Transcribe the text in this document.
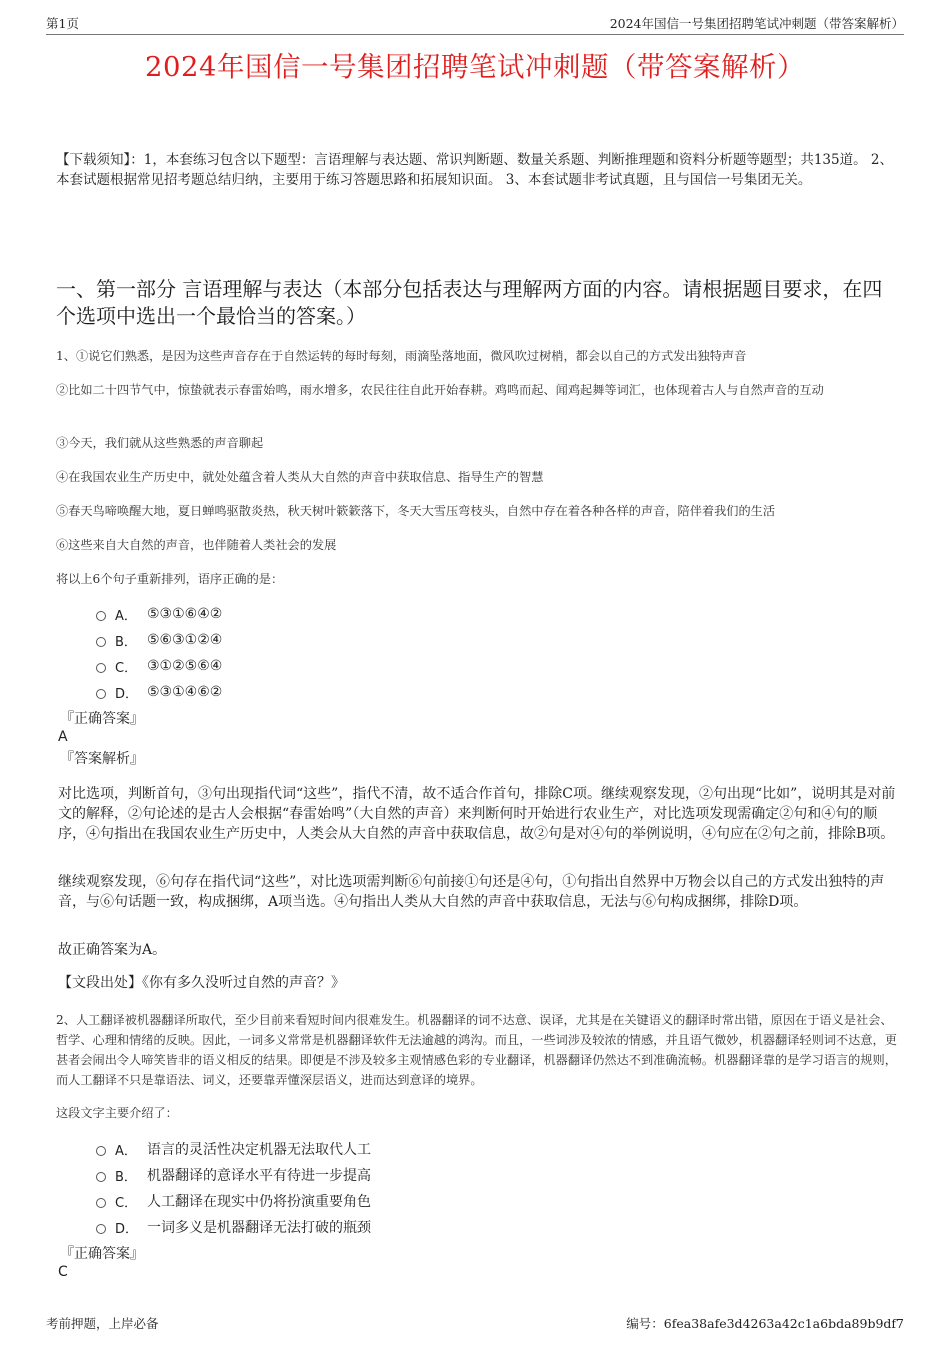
第1页	2024年国信一号集团招聘笔试冲刺题（带答案解析）
2024年国信一号集团招聘笔试冲刺题（带答案解析）
【下载须知】：1，本套练习包含以下题型：言语理解与表达题、常识判断题、数量关系题、判断推理题和资料分析题等题型；共135道。 2、本套试题根据常见招考题总结归纳，主要用于练习答题思路和拓展知识面。 3、本套试题非考试真题，且与国信一号集团无关。
一、第一部分 言语理解与表达（本部分包括表达与理解两方面的内容。请根据题目要求，在四个选项中选出一个最恰当的答案。）
1、①说它们熟悉，是因为这些声音存在于自然运转的每时每刻，雨滴坠落地面，微风吹过树梢，都会以自己的方式发出独特声音
②比如二十四节气中，惊蛰就表示春雷始鸣，雨水增多，农民往往自此开始春耕。鸡鸣而起、闻鸡起舞等词汇，也体现着古人与自然声音的互动
③今天，我们就从这些熟悉的声音聊起
④在我国农业生产历史中，就处处蕴含着人类从大自然的声音中获取信息、指导生产的智慧
⑤春天鸟啼唤醒大地，夏日蝉鸣驱散炎热，秋天树叶簌簌落下，冬天大雪压弯枝头，自然中存在着各种各样的声音，陪伴着我们的生活
⑥这些来自大自然的声音，也伴随着人类社会的发展
将以上6个句子重新排列，语序正确的是：
A． ⑤③①⑥④②
B． ⑤⑥③①②④
C． ③①②⑤⑥④
D． ⑤③①④⑥②
『正确答案』
A
『答案解析』
对比选项，判断首句，③句出现指代词“这些”，指代不清，故不适合作首句，排除C项。继续观察发现，②句出现“比如”，说明其是对前文的解释，②句论述的是古人会根据“春雷始鸣”（大自然的声音）来判断何时开始进行农业生产，对比选项发现需确定②句和④句的顺序，④句指出在我国农业生产历史中，人类会从大自然的声音中获取信息，故②句是对④句的举例说明，④句应在②句之前，排除B项。
继续观察发现，⑥句存在指代词“这些”，对比选项需判断⑥句前接①句还是④句，①句指出自然界中万物会以自己的方式发出独特的声音，与⑥句话题一致，构成捆绑，A项当选。④句指出人类从大自然的声音中获取信息，无法与⑥句构成捆绑，排除D项。
故正确答案为A。
【文段出处】《你有多久没听过自然的声音？》
2、人工翻译被机器翻译所取代，至少目前来看短时间内很难发生。机器翻译的词不达意、误译，尤其是在关键语义的翻译时常出错，原因在于语义是社会、哲学、心理和情绪的反映。因此，一词多义常常是机器翻译软件无法逾越的鸿沟。而且，一些词涉及较浓的情感，并且语气微妙，机器翻译轻则词不达意，更甚者会闹出令人啼笑皆非的语义相反的结果。即便是不涉及较多主观情感色彩的专业翻译，机器翻译仍然达不到准确流畅。机器翻译靠的是学习语言的规则，而人工翻译不只是靠语法、词义，还要靠弄懂深层语义，进而达到意译的境界。
这段文字主要介绍了：
A． 语言的灵活性决定机器无法取代人工
B． 机器翻译的意译水平有待进一步提高
C． 人工翻译在现实中仍将扮演重要角色
D． 一词多义是机器翻译无法打破的瓶颈
『正确答案』
C
考前押题，上岸必备	编号：6fea38afe3d4263a42c1a6bda89b9df7
